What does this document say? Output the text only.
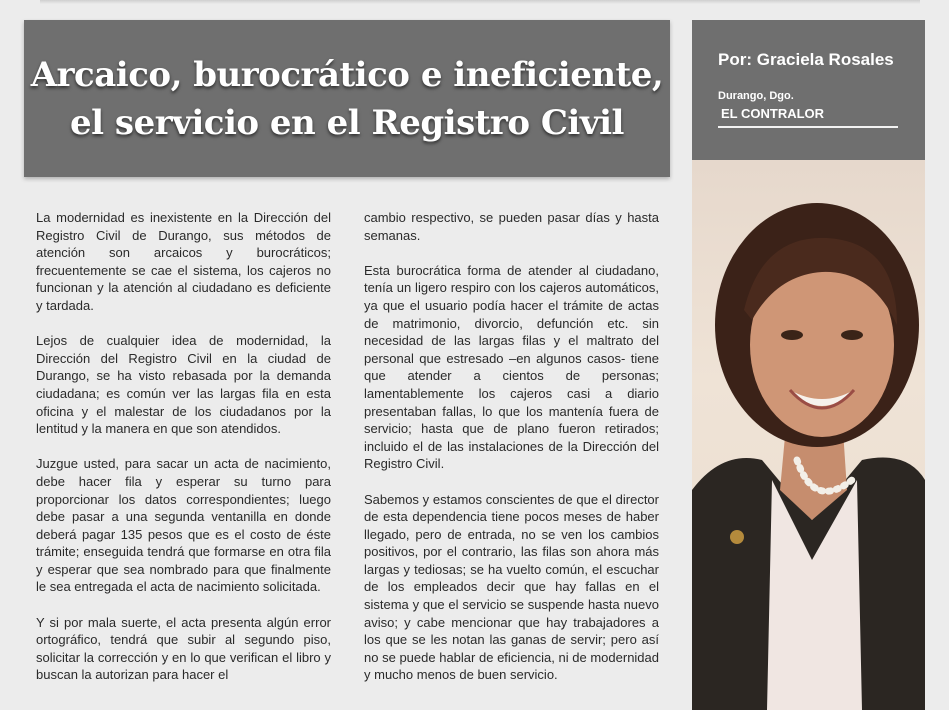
Arcaico, burocrático e ineficiente,
el servicio en el Registro Civil
Por: Graciela Rosales
Durango, Dgo.
EL CONTRALOR

La modernidad es inexistente en la Dirección del Registro Civil de Durango, sus métodos de atención son arcaicos y burocráticos; frecuentemente se cae el sistema, los cajeros no funcionan y la atención al ciudadano es deficiente y tardada.

Lejos de cualquier idea de modernidad, la Dirección del Registro Civil en la ciudad de Durango, se ha visto rebasada por la demanda ciudadana; es común ver las largas fila en esta oficina y el malestar de los ciudadanos por la lentitud y la manera en que son atendidos.

Juzgue usted, para sacar un acta de nacimiento, debe hacer fila y esperar su turno para proporcionar los datos correspondientes; luego debe pasar a una segunda ventanilla en donde deberá pagar 135 pesos que es el costo de éste trámite; enseguida tendrá que formarse en otra fila y esperar que sea nombrado para que finalmente le sea entregada el acta de nacimiento solicitada.

Y si por mala suerte, el acta presenta algún error ortográfico, tendrá que subir al segundo piso, solicitar la corrección y en lo que verifican el libro y buscan la autorizan para hacer el

cambio respectivo, se pueden pasar días y hasta semanas.

Esta burocrática forma de atender al ciudadano, tenía un ligero respiro con los cajeros automáticos, ya que el usuario podía hacer el trámite de actas de matrimonio, divorcio, defunción etc. sin necesidad de las largas filas y el maltrato del personal que estresado –en algunos casos- tiene que atender a cientos de personas; lamentablemente los cajeros casi a diario presentaban fallas, lo que los mantenía fuera de servicio; hasta que de plano fueron retirados; incluido el de las instalaciones de la Dirección del Registro Civil.

Sabemos y estamos conscientes de que el director de esta dependencia tiene pocos meses de haber llegado, pero de entrada, no se ven los cambios positivos, por el contrario, las filas son ahora más largas y tediosas; se ha vuelto común, el escuchar de los empleados decir que hay fallas en el sistema y que el servicio se suspende hasta nuevo aviso; y cabe mencionar que hay trabajadores a los que se les notan las ganas de servir; pero así no se puede hablar de eficiencia, ni de modernidad y mucho menos de buen servicio.
